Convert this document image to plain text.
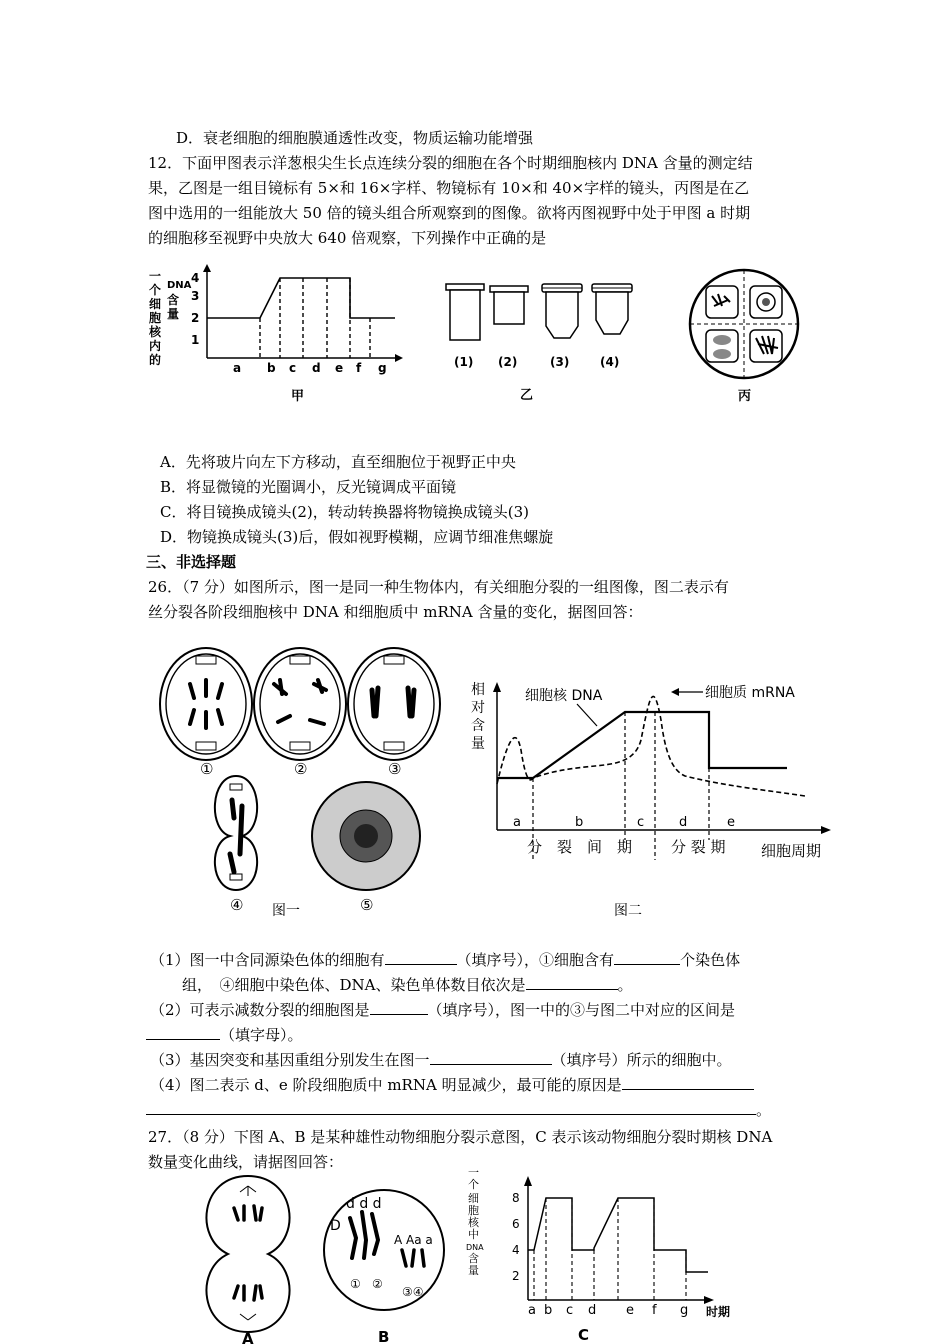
D．衰老细胞的细胞膜通透性改变，物质运输功能增强
12．下面甲图表示洋葱根尖生长点连续分裂的细胞在各个时期细胞核内 DNA 含量的测定结
果，乙图是一组目镜标有 5×和 16×字样、物镜标有 10×和 40×字样的镜头，丙图是在乙
图中选用的一组能放大 50 倍的镜头组合所观察到的图像。欲将丙图视野中处于甲图 a 时期
的细胞移至视野中央放大 640 倍观察，下列操作中正确的是
一
个
细
胞
核
内
的
DNA
含
量
4
3
2
1
a b c d e f g
甲
(1) (2)	(3)	(4)
乙	丙
A．先将玻片向左下方移动，直至细胞位于视野正中央
B．将显微镜的光圈调小，反光镜调成平面镜
C．将目镜换成镜头(2)，转动转换器将物镜换成镜头(3)
D．物镜换成镜头(3)后，假如视野模糊，应调节细准焦螺旋
三、非选择题
26．（7 分）如图所示，图一是同一种生物体内，有关细胞分裂的一组图像，图二表示有
丝分裂各阶段细胞核中 DNA 和细胞质中 mRNA 含量的变化，据图回答：
①	②	③
④	⑤
图一
相
对
含
量
细胞核 DNA	细胞质 mRNA
a	b	c	d	e
分　裂　间　期	分 裂 期 细胞周期
图二
（1）图一中含同源染色体的细胞有	（填序号），①细胞含有	个染色体
组，　④细胞中染色体、DNA、染色单体数目依次是	。
（2）可表示减数分裂的细胞图是	（填序号），图一中的③与图二中对应的区间是
（填字母）。
（3）基因突变和基因重组分别发生在图一	（填序号）所示的细胞中。
（4）图二表示 d、e 阶段细胞质中 mRNA 明显减少，最可能的原因是
。
27．（8 分）下图 A、B 是某种雄性动物细胞分裂示意图，C 表示该动物细胞分裂时期核 DNA
数量变化曲线，请据图回答：
A
d d d
D
A Aa a
① ②
③④
B
一
个
细
胞
核
中
DNA
含
量	2
4
6
8
a b c d e f g 时期
C
